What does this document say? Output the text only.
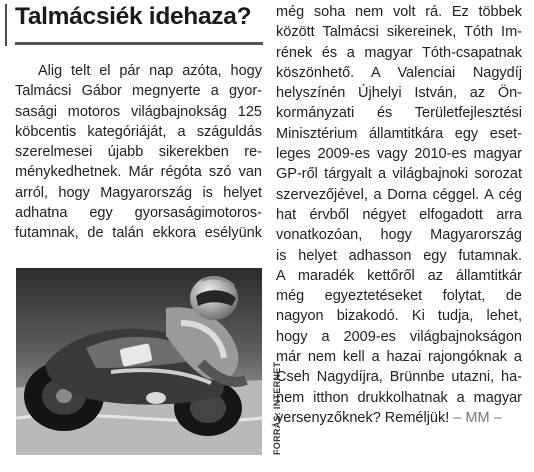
Talmácsiék idehaza?
Alig telt el pár nap azóta, hogy
Talmácsi Gábor megnyerte a gyor-
sasági motoros világbajnokság 125
köbcentis kategóriáját, a száguldás
szerelmesei újabb sikerekben re-
ménykedhetnek. Már régóta szó van
arról, hogy Magyarország is helyet
adhatna egy gyorsaságimotoros-
futamnak, de talán ekkora esélyünk
FORRÁS: INTERNET
még soha nem volt rá. Ez többek
között Talmácsi sikereinek, Tóth Im-
rének és a magyar Tóth-csapatnak
köszönhető. A Valenciai Nagydíj
helyszínén Újhelyi István, az Ön-
kormányzati és Területfejlesztési
Minisztérium államtitkára egy eset-
leges 2009-es vagy 2010-es magyar
GP-ről tárgyalt a világbajnoki sorozat
szervezőjével, a Dorna céggel. A cég
hat érvből négyet elfogadott arra
vonatkozóan, hogy Magyarország
is helyet adhasson egy futamnak.
A maradék kettőről az államtitkár
még egyeztetéseket folytat, de
nagyon bizakodó. Ki tudja, lehet,
hogy a 2009-es világbajnokságon
már nem kell a hazai rajongóknak a
Cseh Nagydíjra, Brünnbe utazni, ha-
nem itthon drukkolhatnak a magyar
versenyzőknek? Reméljük! – MM –
